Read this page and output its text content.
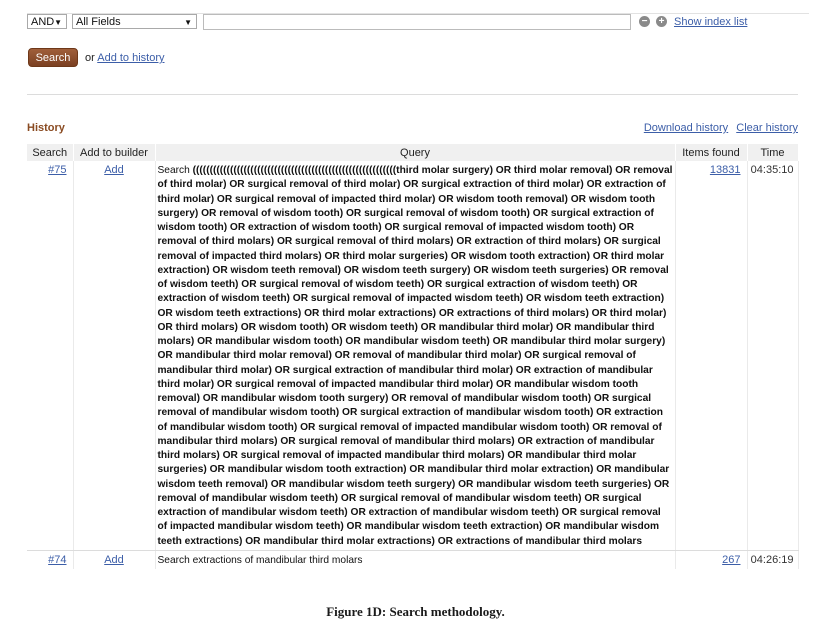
AND ▼	All Fields	▼	− + Show index list
Search	or Add to history
History	Download history Clear history
Search	Add to builder	Query	Items found	Time
#75	Add	Search ((((((((((((((((((((((((((((((((((((((((((((((((((((((((((((third molar surgery) OR third molar removal) OR removal of third molar) OR surgical removal of third molar) OR surgical extraction of third molar) OR extraction of third molar) OR surgical removal of impacted third molar) OR wisdom tooth removal) OR wisdom tooth surgery) OR removal of wisdom tooth) OR surgical removal of wisdom tooth) OR surgical extraction of wisdom tooth) OR extraction of wisdom tooth) OR surgical removal of impacted wisdom tooth) OR removal of third molars) OR surgical removal of third molars) OR extraction of third molars) OR surgical removal of impacted third molars) OR third molar surgeries) OR wisdom tooth extraction) OR third molar extraction) OR wisdom teeth removal) OR wisdom teeth surgery) OR wisdom teeth surgeries) OR removal of wisdom teeth) OR surgical removal of wisdom teeth) OR surgical extraction of wisdom teeth) OR extraction of wisdom teeth) OR surgical removal of impacted wisdom teeth) OR wisdom teeth extraction) OR wisdom teeth extractions) OR third molar extractions) OR extractions of third molars) OR third molar) OR third molars) OR wisdom tooth) OR wisdom teeth) OR mandibular third molar) OR mandibular third molars) OR mandibular wisdom tooth) OR mandibular wisdom teeth) OR mandibular third molar surgery) OR mandibular third molar removal) OR removal of mandibular third molar) OR surgical removal of mandibular third molar) OR surgical extraction of mandibular third molar) OR extraction of mandibular third molar) OR surgical removal of impacted mandibular third molar) OR mandibular wisdom tooth removal) OR mandibular wisdom tooth surgery) OR removal of mandibular wisdom tooth) OR surgical removal of mandibular wisdom tooth) OR surgical extraction of mandibular wisdom tooth) OR extraction of mandibular wisdom tooth) OR surgical removal of impacted mandibular wisdom tooth) OR removal of mandibular third molars) OR surgical removal of mandibular third molars) OR extraction of mandibular third molars) OR surgical removal of impacted mandibular third molars) OR mandibular third molar surgeries) OR mandibular wisdom tooth extraction) OR mandibular third molar extraction) OR mandibular wisdom teeth removal) OR mandibular wisdom teeth surgery) OR mandibular wisdom teeth surgeries) OR removal of mandibular wisdom teeth) OR surgical removal of mandibular wisdom teeth) OR surgical extraction of mandibular wisdom teeth) OR extraction of mandibular wisdom teeth) OR surgical removal of impacted mandibular wisdom teeth) OR mandibular wisdom teeth extraction) OR mandibular wisdom teeth extractions) OR mandibular third molar extractions) OR extractions of mandibular third molars	13831	04:35:10
#74	Add	Search extractions of mandibular third molars	267	04:26:19
Figure 1D: Search methodology.
